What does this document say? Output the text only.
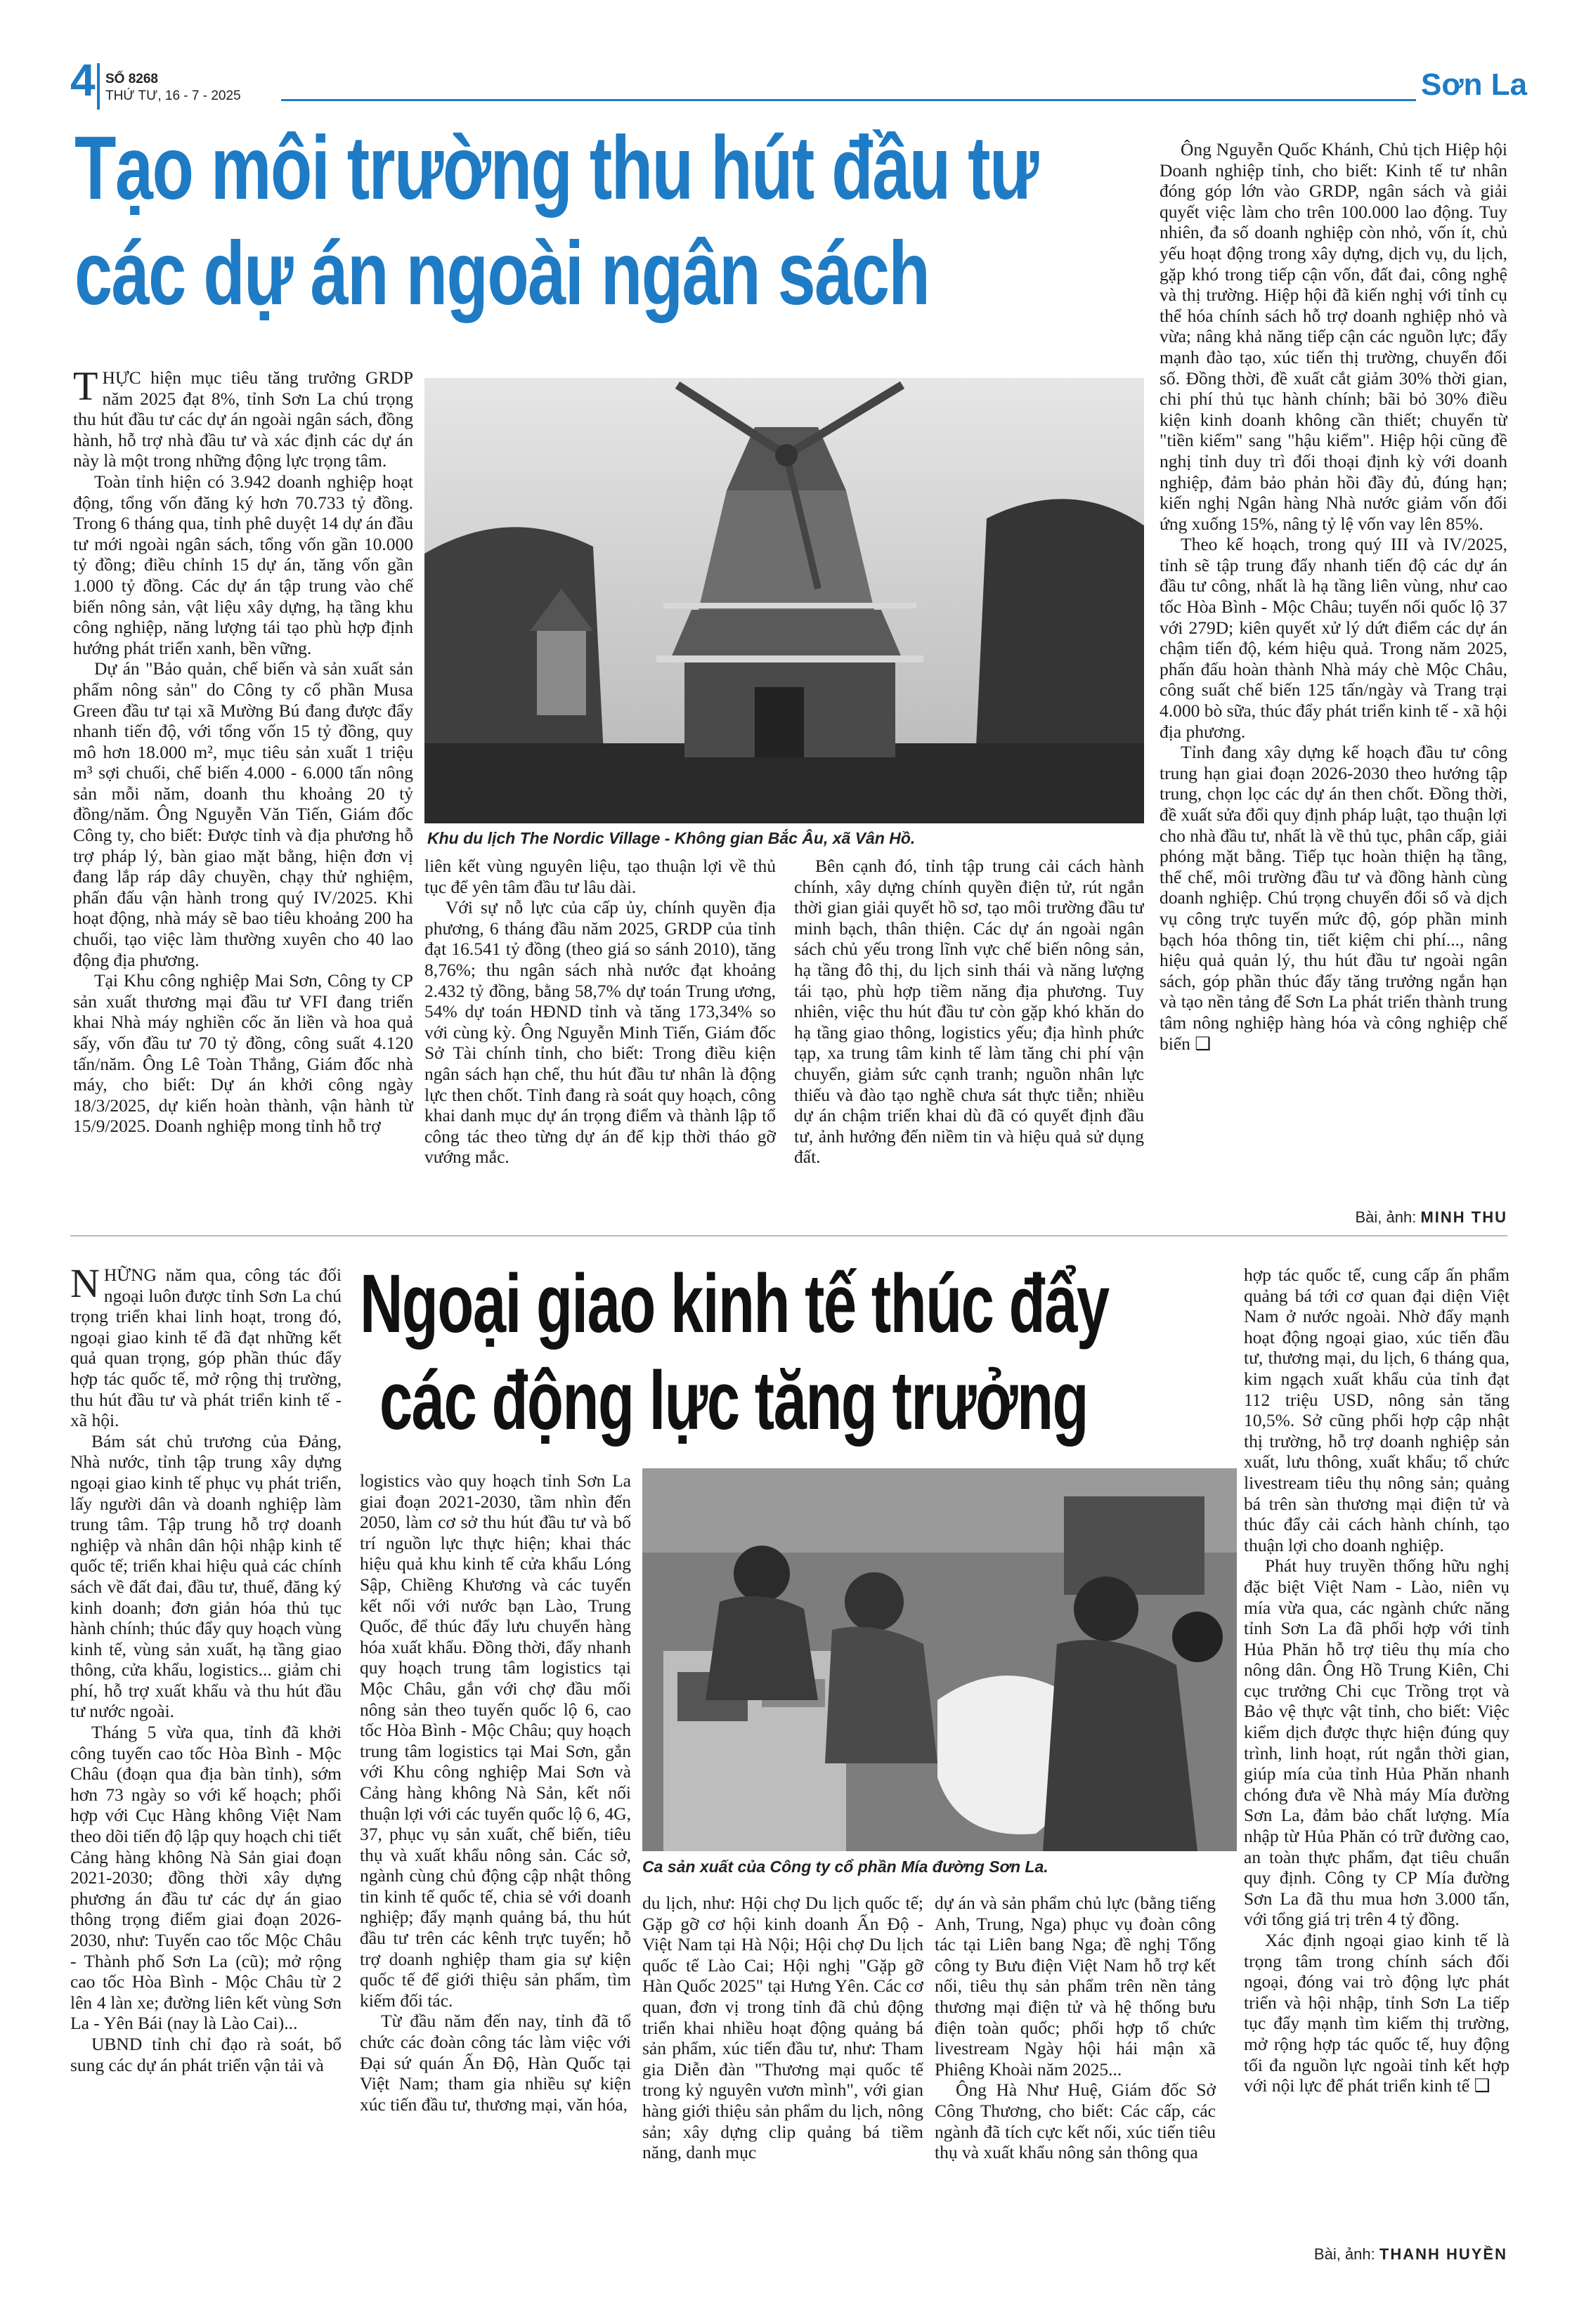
4 SỐ 8268
THỨ TƯ, 16 - 7 - 2025	Sơn La
Tạo môi trường thu hút đầu tư
các dự án ngoài ngân sách
T HỰC hiện mục tiêu tăng trưởng GRDP năm 2025 đạt 8%, tỉnh Sơn La chú trọng thu hút đầu tư các dự án ngoài ngân sách, đồng hành, hỗ trợ nhà đầu tư và xác định các dự án này là một trong những động lực trọng tâm.

Toàn tỉnh hiện có 3.942 doanh nghiệp hoạt động, tổng vốn đăng ký hơn 70.733 tỷ đồng. Trong 6 tháng qua, tỉnh phê duyệt 14 dự án đầu tư mới ngoài ngân sách, tổng vốn gần 10.000 tỷ đồng; điều chỉnh 15 dự án, tăng vốn gần 1.000 tỷ đồng. Các dự án tập trung vào chế biến nông sản, vật liệu xây dựng, hạ tầng khu công nghiệp, năng lượng tái tạo phù hợp định hướng phát triển xanh, bền vững.

Dự án "Bảo quản, chế biến và sản xuất sản phẩm nông sản" do Công ty cổ phần Musa Green đầu tư tại xã Mường Bú đang được đẩy nhanh tiến độ, với tổng vốn 15 tỷ đồng, quy mô hơn 18.000 m², mục tiêu sản xuất 1 triệu m³ sợi chuối, chế biến 4.000 - 6.000 tấn nông sản mỗi năm, doanh thu khoảng 20 tỷ đồng/năm. Ông Nguyễn Văn Tiến, Giám đốc Công ty, cho biết: Được tỉnh và địa phương hỗ trợ pháp lý, bàn giao mặt bằng, hiện đơn vị đang lắp ráp dây chuyền, chạy thử nghiệm, phấn đấu vận hành trong quý IV/2025. Khi hoạt động, nhà máy sẽ bao tiêu khoảng 200 ha chuối, tạo việc làm thường xuyên cho 40 lao động địa phương.

Tại Khu công nghiệp Mai Sơn, Công ty CP sản xuất thương mại đầu tư VFI đang triển khai Nhà máy nghiền cốc ăn liền và hoa quả sấy, vốn đầu tư 70 tỷ đồng, công suất 4.120 tấn/năm. Ông Lê Toàn Thắng, Giám đốc nhà máy, cho biết: Dự án khởi công ngày 18/3/2025, dự kiến hoàn thành, vận hành từ 15/9/2025. Doanh nghiệp mong tỉnh hỗ trợ

Khu du lịch The Nordic Village - Không gian Bắc Âu, xã Vân Hồ.

liên kết vùng nguyên liệu, tạo thuận lợi về thủ tục để yên tâm đầu tư lâu dài.

Với sự nỗ lực của cấp ủy, chính quyền địa phương, 6 tháng đầu năm 2025, GRDP của tỉnh đạt 16.541 tỷ đồng (theo giá so sánh 2010), tăng 8,76%; thu ngân sách nhà nước đạt khoảng 2.432 tỷ đồng, bằng 58,7% dự toán Trung ương, 54% dự toán HĐND tỉnh và tăng 173,34% so với cùng kỳ. Ông Nguyễn Minh Tiến, Giám đốc Sở Tài chính tỉnh, cho biết: Trong điều kiện ngân sách hạn chế, thu hút đầu tư nhân là động lực then chốt. Tỉnh đang rà soát quy hoạch, công khai danh mục dự án trọng điểm và thành lập tổ công tác theo từng dự án để kịp thời tháo gỡ vướng mắc.

Bên cạnh đó, tỉnh tập trung cải cách hành chính, xây dựng chính quyền điện tử, rút ngắn thời gian giải quyết hồ sơ, tạo môi trường đầu tư minh bạch, thân thiện. Các dự án ngoài ngân sách chủ yếu trong lĩnh vực chế biến nông sản, hạ tầng đô thị, du lịch sinh thái và năng lượng tái tạo, phù hợp tiềm năng địa phương. Tuy nhiên, việc thu hút đầu tư còn gặp khó khăn do hạ tầng giao thông, logistics yếu; địa hình phức tạp, xa trung tâm kinh tế làm tăng chi phí vận chuyển, giảm sức cạnh tranh; nguồn nhân lực thiếu và đào tạo nghề chưa sát thực tiễn; nhiều dự án chậm triển khai dù đã có quyết định đầu tư, ảnh hưởng đến niềm tin và hiệu quả sử dụng đất.

Ông Nguyễn Quốc Khánh, Chủ tịch Hiệp hội Doanh nghiệp tỉnh, cho biết: Kinh tế tư nhân đóng góp lớn vào GRDP, ngân sách và giải quyết việc làm cho trên 100.000 lao động. Tuy nhiên, đa số doanh nghiệp còn nhỏ, vốn ít, chủ yếu hoạt động trong xây dựng, dịch vụ, du lịch, gặp khó trong tiếp cận vốn, đất đai, công nghệ và thị trường. Hiệp hội đã kiến nghị với tỉnh cụ thể hóa chính sách hỗ trợ doanh nghiệp nhỏ và vừa; nâng khả năng tiếp cận các nguồn lực; đẩy mạnh đào tạo, xúc tiến thị trường, chuyển đổi số. Đồng thời, đề xuất cắt giảm 30% thời gian, chi phí thủ tục hành chính; bãi bỏ 30% điều kiện kinh doanh không cần thiết; chuyển từ "tiền kiểm" sang "hậu kiểm". Hiệp hội cũng đề nghị tỉnh duy trì đối thoại định kỳ với doanh nghiệp, đảm bảo phản hồi đầy đủ, đúng hạn; kiến nghị Ngân hàng Nhà nước giảm vốn đối ứng xuống 15%, nâng tỷ lệ vốn vay lên 85%.

Theo kế hoạch, trong quý III và IV/2025, tỉnh sẽ tập trung đẩy nhanh tiến độ các dự án đầu tư công, nhất là hạ tầng liên vùng, như cao tốc Hòa Bình - Mộc Châu; tuyến nối quốc lộ 37 với 279D; kiên quyết xử lý dứt điểm các dự án chậm tiến độ, kém hiệu quả. Trong năm 2025, phấn đấu hoàn thành Nhà máy chè Mộc Châu, công suất chế biến 125 tấn/ngày và Trang trại 4.000 bò sữa, thúc đẩy phát triển kinh tế - xã hội địa phương.

Tỉnh đang xây dựng kế hoạch đầu tư công trung hạn giai đoạn 2026-2030 theo hướng tập trung, chọn lọc các dự án then chốt. Đồng thời, đề xuất sửa đổi quy định pháp luật, tạo thuận lợi cho nhà đầu tư, nhất là về thủ tục, phân cấp, giải phóng mặt bằng. Tiếp tục hoàn thiện hạ tầng, thể chế, môi trường đầu tư và đồng hành cùng doanh nghiệp. Chú trọng chuyển đổi số và dịch vụ công trực tuyến mức độ, góp phần minh bạch hóa thông tin, tiết kiệm chi phí..., nâng hiệu quả quản lý, thu hút đầu tư ngoài ngân sách, góp phần thúc đẩy tăng trưởng ngắn hạn và tạo nền tảng để Sơn La phát triển thành trung tâm nông nghiệp hàng hóa và công nghiệp chế biến ❑

Bài, ảnh: MINH THU
Ngoại giao kinh tế thúc đẩy
các động lực tăng trưởng
N HỮNG năm qua, công tác đối ngoại luôn được tỉnh Sơn La chú trọng triển khai linh hoạt, trong đó, ngoại giao kinh tế đã đạt những kết quả quan trọng, góp phần thúc đẩy hợp tác quốc tế, mở rộng thị trường, thu hút đầu tư và phát triển kinh tế - xã hội.

Bám sát chủ trương của Đảng, Nhà nước, tỉnh tập trung xây dựng ngoại giao kinh tế phục vụ phát triển, lấy người dân và doanh nghiệp làm trung tâm. Tập trung hỗ trợ doanh nghiệp và nhân dân hội nhập kinh tế quốc tế; triển khai hiệu quả các chính sách về đất đai, đầu tư, thuế, đăng ký kinh doanh; đơn giản hóa thủ tục hành chính; thúc đẩy quy hoạch vùng kinh tế, vùng sản xuất, hạ tầng giao thông, cửa khẩu, logistics... giảm chi phí, hỗ trợ xuất khẩu và thu hút đầu tư nước ngoài.

Tháng 5 vừa qua, tỉnh đã khởi công tuyến cao tốc Hòa Bình - Mộc Châu (đoạn qua địa bàn tỉnh), sớm hơn 73 ngày so với kế hoạch; phối hợp với Cục Hàng không Việt Nam theo dõi tiến độ lập quy hoạch chi tiết Cảng hàng không Nà Sản giai đoạn 2021-2030; đồng thời xây dựng phương án đầu tư các dự án giao thông trọng điểm giai đoạn 2026-2030, như: Tuyến cao tốc Mộc Châu - Thành phố Sơn La (cũ); mở rộng cao tốc Hòa Bình - Mộc Châu từ 2 lên 4 làn xe; đường liên kết vùng Sơn La - Yên Bái (nay là Lào Cai)...

UBND tỉnh chỉ đạo rà soát, bổ sung các dự án phát triển vận tải và

logistics vào quy hoạch tỉnh Sơn La giai đoạn 2021-2030, tầm nhìn đến 2050, làm cơ sở thu hút đầu tư và bố trí nguồn lực thực hiện; khai thác hiệu quả khu kinh tế cửa khẩu Lóng Sập, Chiềng Khương và các tuyến kết nối với nước bạn Lào, Trung Quốc, để thúc đẩy lưu chuyển hàng hóa xuất khẩu. Đồng thời, đẩy nhanh quy hoạch trung tâm logistics tại Mộc Châu, gắn với chợ đầu mối nông sản theo tuyến quốc lộ 6, cao tốc Hòa Bình - Mộc Châu; quy hoạch trung tâm logistics tại Mai Sơn, gắn với Khu công nghiệp Mai Sơn và Cảng hàng không Nà Sản, kết nối thuận lợi với các tuyến quốc lộ 6, 4G, 37, phục vụ sản xuất, chế biến, tiêu thụ và xuất khẩu nông sản. Các sở, ngành cùng chủ động cập nhật thông tin kinh tế quốc tế, chia sẻ với doanh nghiệp; đẩy mạnh quảng bá, thu hút đầu tư trên các kênh trực tuyến; hỗ trợ doanh nghiệp tham gia sự kiện quốc tế để giới thiệu sản phẩm, tìm kiếm đối tác.

Từ đầu năm đến nay, tỉnh đã tổ chức các đoàn công tác làm việc với Đại sứ quán Ấn Độ, Hàn Quốc tại Việt Nam; tham gia nhiều sự kiện xúc tiến đầu tư, thương mại, văn hóa,

Ca sản xuất của Công ty cổ phần Mía đường Sơn La.

du lịch, như: Hội chợ Du lịch quốc tế; Gặp gỡ cơ hội kinh doanh Ấn Độ - Việt Nam tại Hà Nội; Hội chợ Du lịch quốc tế Lào Cai; Hội nghị "Gặp gỡ Hàn Quốc 2025" tại Hưng Yên. Các cơ quan, đơn vị trong tỉnh đã chủ động triển khai nhiều hoạt động quảng bá sản phẩm, xúc tiến đầu tư, như: Tham gia Diễn đàn "Thương mại quốc tế trong kỷ nguyên vươn mình", với gian hàng giới thiệu sản phẩm du lịch, nông sản; xây dựng clip quảng bá tiềm năng, danh mục

dự án và sản phẩm chủ lực (bằng tiếng Anh, Trung, Nga) phục vụ đoàn công tác tại Liên bang Nga; đề nghị Tổng công ty Bưu điện Việt Nam hỗ trợ kết nối, tiêu thụ sản phẩm trên nền tảng thương mại điện tử và hệ thống bưu điện toàn quốc; phối hợp tổ chức livestream Ngày hội hái mận xã Phiêng Khoài năm 2025...

Ông Hà Như Huệ, Giám đốc Sở Công Thương, cho biết: Các cấp, các ngành đã tích cực kết nối, xúc tiến tiêu thụ và xuất khẩu nông sản thông qua

hợp tác quốc tế, cung cấp ấn phẩm quảng bá tới cơ quan đại diện Việt Nam ở nước ngoài. Nhờ đẩy mạnh hoạt động ngoại giao, xúc tiến đầu tư, thương mại, du lịch, 6 tháng qua, kim ngạch xuất khẩu của tỉnh đạt 112 triệu USD, nông sản tăng 10,5%. Sở cũng phối hợp cập nhật thị trường, hỗ trợ doanh nghiệp sản xuất, lưu thông, xuất khẩu; tổ chức livestream tiêu thụ nông sản; quảng bá trên sàn thương mại điện tử và thúc đẩy cải cách hành chính, tạo thuận lợi cho doanh nghiệp.

Phát huy truyền thống hữu nghị đặc biệt Việt Nam - Lào, niên vụ mía vừa qua, các ngành chức năng tỉnh Sơn La đã phối hợp với tỉnh Hủa Phăn hỗ trợ tiêu thụ mía cho nông dân. Ông Hồ Trung Kiên, Chi cục trưởng Chi cục Trồng trọt và Bảo vệ thực vật tỉnh, cho biết: Việc kiểm dịch được thực hiện đúng quy trình, linh hoạt, rút ngắn thời gian, giúp mía của tỉnh Hủa Phăn nhanh chóng đưa về Nhà máy Mía đường Sơn La, đảm bảo chất lượng. Mía nhập từ Hủa Phăn có trữ đường cao, an toàn thực phẩm, đạt tiêu chuẩn quy định. Công ty CP Mía đường Sơn La đã thu mua hơn 3.000 tấn, với tổng giá trị trên 4 tỷ đồng.

Xác định ngoại giao kinh tế là trọng tâm trong chính sách đối ngoại, đóng vai trò động lực phát triển và hội nhập, tỉnh Sơn La tiếp tục đẩy mạnh tìm kiếm thị trường, mở rộng hợp tác quốc tế, huy động tối đa nguồn lực ngoài tỉnh kết hợp với nội lực để phát triển kinh tế ❑

Bài, ảnh: THANH HUYỀN
